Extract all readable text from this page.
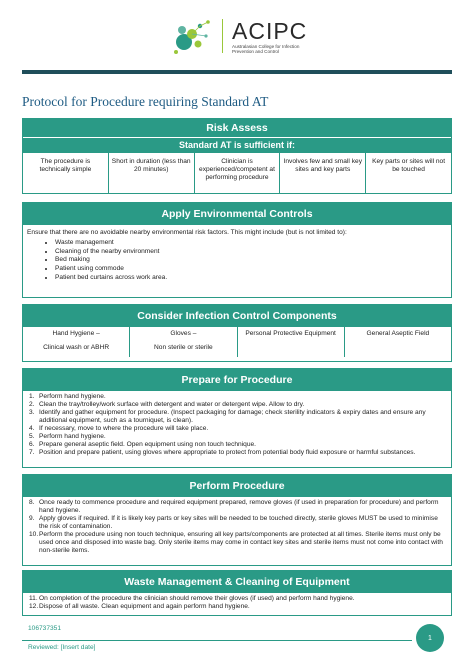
ACIPC
Australasian College for Infection Prevention and Control
Protocol for Procedure requiring Standard AT
Risk Assess
Standard AT is sufficient if:
The procedure is technically simple
Short in duration (less than 20 minutes)
Clinician is experienced/competent at performing procedure
Involves few and small key sites and key parts
Key parts or sites will not be touched
Apply Environmental Controls
Ensure that there are no avoidable nearby environmental risk factors. This might include (but is not limited to):
• Waste management
• Cleaning of the nearby environment
• Bed making
• Patient using commode
• Patient bed curtains across work area.
Consider Infection Control Components
Hand Hygiene –
Clinical wash or ABHR
Gloves –
Non sterile or sterile
Personal Protective Equipment	General Aseptic Field
Prepare for Procedure
1. Perform hand hygiene.
2. Clean the tray/trolley/work surface with detergent and water or detergent wipe. Allow to dry.
3. Identify and gather equipment for procedure. (Inspect packaging for damage; check sterility indicators & expiry dates and ensure any additional equipment, such as a tourniquet, is clean).
4. If necessary, move to where the procedure will take place.
5. Perform hand hygiene.
6. Prepare general aseptic field. Open equipment using non touch technique.
7. Position and prepare patient, using gloves where appropriate to protect from potential body fluid exposure or harmful substances.
Perform Procedure
8. Once ready to commence procedure and required equipment prepared, remove gloves (if used in preparation for procedure) and perform hand hygiene.
9. Apply gloves if required. If it is likely key parts or key sites will be needed to be touched directly, sterile gloves MUST be used to minimise the risk of contamination.
10. Perform the procedure using non touch technique, ensuring all key parts/components are protected at all times. Sterile items must only be used once and disposed into waste bag. Only sterile items may come in contact key sites and sterile items must not come into contact with non-sterile items.
Waste Management & Cleaning of Equipment
11. On completion of the procedure the clinician should remove their gloves (if used) and perform hand hygiene.
12. Dispose of all waste. Clean equipment and again perform hand hygiene.
106737351
Reviewed: [Insert date]
1
